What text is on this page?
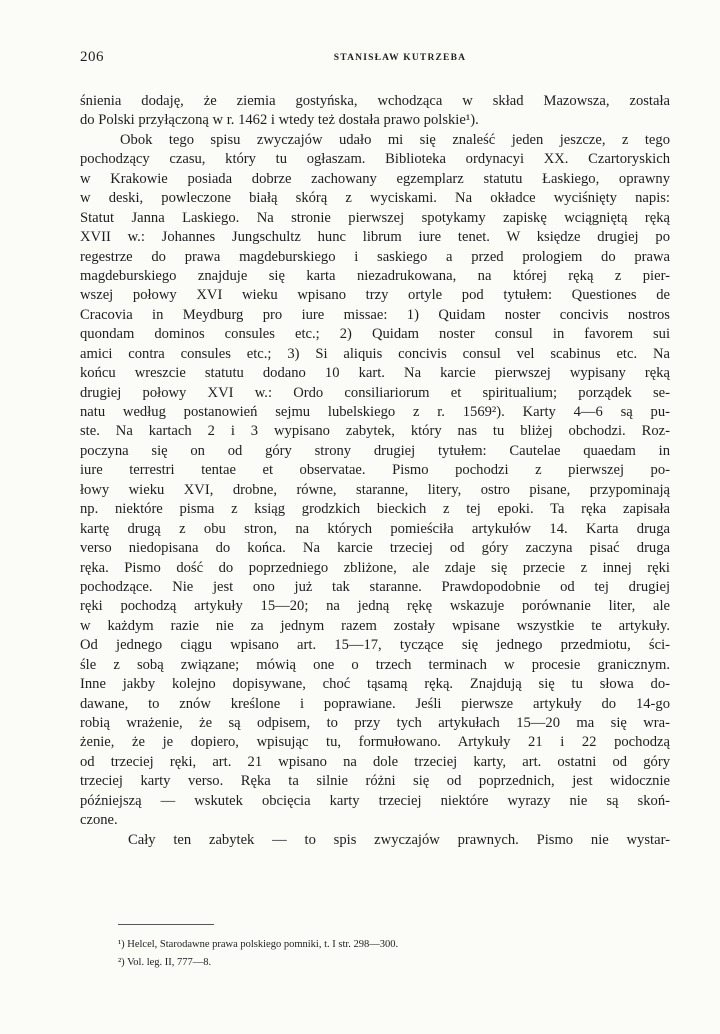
206	STANISŁAW KUTRZEBA
śnienia dodaję, że ziemia gostyńska, wchodząca w skład Mazowsza, została
do Polski przyłączoną w r. 1462 i wtedy też dostała prawo polskie¹).
Obok tego spisu zwyczajów udało mi się znaleść jeden jeszcze, z tego
pochodzący czasu, który tu ogłaszam. Biblioteka ordynacyi XX. Czartoryskich
w Krakowie posiada dobrze zachowany egzemplarz statutu Łaskiego, oprawny
w deski, powleczone białą skórą z wyciskami. Na okładce wyciśnięty napis:
Statut Janna Laskiego. Na stronie pierwszej spotykamy zapiskę wciągniętą ręką
XVII w.: Johannes Jungschultz hunc librum iure tenet. W księdze drugiej po
regestrze do prawa magdeburskiego i saskiego a przed prologiem do prawa
magdeburskiego znajduje się karta niezadrukowana, na której ręką z pier-
wszej połowy XVI wieku wpisano trzy ortyle pod tytułem: Questiones de
Cracovia in Meydburg pro iure missae: 1) Quidam noster concivis nostros
quondam dominos consules etc.; 2) Quidam noster consul in favorem sui
amici contra consules etc.; 3) Si aliquis concivis consul vel scabinus etc. Na
końcu wreszcie statutu dodano 10 kart. Na karcie pierwszej wypisany ręką
drugiej połowy XVI w.: Ordo consiliariorum et spiritualium; porządek se-
natu według postanowień sejmu lubelskiego z r. 1569²). Karty 4—6 są pu-
ste. Na kartach 2 i 3 wypisano zabytek, który nas tu bliżej obchodzi. Roz-
poczyna się on od góry strony drugiej tytułem: Cautelae quaedam in
iure terrestri tentae et observatae. Pismo pochodzi z pierwszej po-
łowy wieku XVI, drobne, równe, staranne, litery, ostro pisane, przypominają
np. niektóre pisma z ksiąg grodzkich bieckich z tej epoki. Ta ręka zapisała
kartę drugą z obu stron, na których pomieściła artykułów 14. Karta druga
verso niedopisana do końca. Na karcie trzeciej od góry zaczyna pisać druga
ręka. Pismo dość do poprzedniego zbliżone, ale zdaje się przecie z innej ręki
pochodzące. Nie jest ono już tak staranne. Prawdopodobnie od tej drugiej
ręki pochodzą artykuły 15—20; na jedną rękę wskazuje porównanie liter, ale
w każdym razie nie za jednym razem zostały wpisane wszystkie te artykuły.
Od jednego ciągu wpisano art. 15—17, tyczące się jednego przedmiotu, ści-
śle z sobą związane; mówią one o trzech terminach w procesie granicznym.
Inne jakby kolejno dopisywane, choć tąsamą ręką. Znajdują się tu słowa do-
dawane, to znów kreślone i poprawiane. Jeśli pierwsze artykuły do 14-go
robią wrażenie, że są odpisem, to przy tych artykułach 15—20 ma się wra-
żenie, że je dopiero, wpisując tu, formułowano. Artykuły 21 i 22 pochodzą
od trzeciej ręki, art. 21 wpisano na dole trzeciej karty, art. ostatni od góry
trzeciej karty verso. Ręka ta silnie różni się od poprzednich, jest widocznie
późniejszą — wskutek obcięcia karty trzeciej niektóre wyrazy nie są skoń-
czone.
Cały ten zabytek — to spis zwyczajów prawnych. Pismo nie wystar-
¹) Helcel, Starodawne prawa polskiego pomniki, t. I str. 298—300.
²) Vol. leg. II, 777—8.
